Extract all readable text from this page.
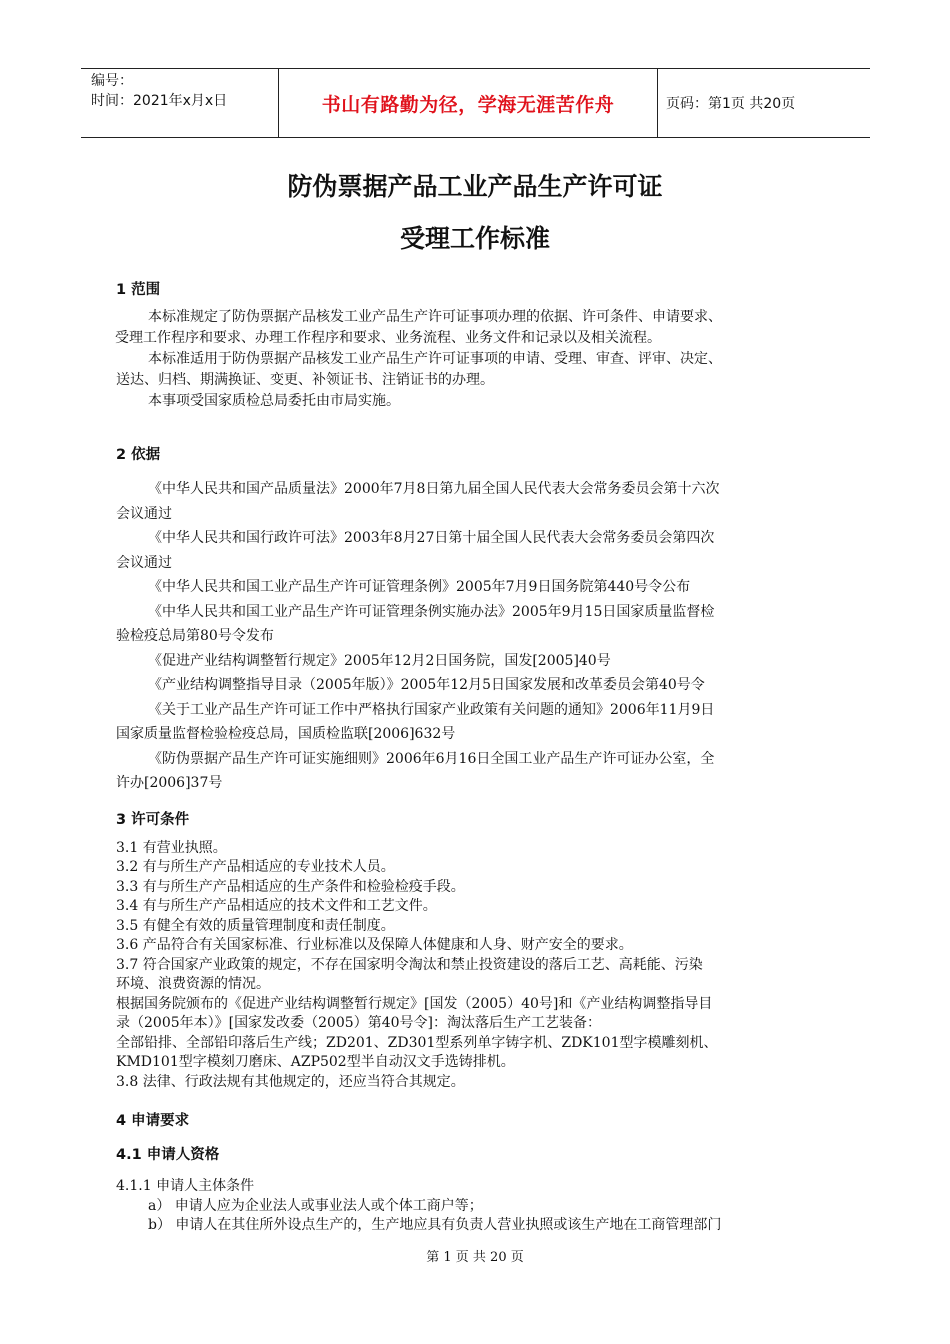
编号：
时间：2021年x月x日	书山有路勤为径，学海无涯苦作舟	页码：第1页 共20页
防伪票据产品工业产品生产许可证
受理工作标准
1 范围
本标准规定了防伪票据产品核发工业产品生产许可证事项办理的依据、许可条件、申请要求、
受理工作程序和要求、办理工作程序和要求、业务流程、业务文件和记录以及相关流程。
本标准适用于防伪票据产品核发工业产品生产许可证事项的申请、受理、审查、评审、决定、
送达、归档、期满换证、变更、补领证书、注销证书的办理。
本事项受国家质检总局委托由市局实施。
2 依据
《中华人民共和国产品质量法》2000年7月8日第九届全国人民代表大会常务委员会第十六次
会议通过
《中华人民共和国行政许可法》2003年8月27日第十届全国人民代表大会常务委员会第四次
会议通过
《中华人民共和国工业产品生产许可证管理条例》2005年7月9日国务院第440号令公布
《中华人民共和国工业产品生产许可证管理条例实施办法》2005年9月15日国家质量监督检
验检疫总局第80号令发布
《促进产业结构调整暂行规定》2005年12月2日国务院，国发[2005]40号
《产业结构调整指导目录（2005年版）》2005年12月5日国家发展和改革委员会第40号令
《关于工业产品生产许可证工作中严格执行国家产业政策有关问题的通知》2006年11月9日
国家质量监督检验检疫总局，国质检监联[2006]632号
《防伪票据产品生产许可证实施细则》2006年6月16日全国工业产品生产许可证办公室，全
许办[2006]37号
3 许可条件
3.1 有营业执照。
3.2 有与所生产产品相适应的专业技术人员。
3.3 有与所生产产品相适应的生产条件和检验检疫手段。
3.4 有与所生产产品相适应的技术文件和工艺文件。
3.5 有健全有效的质量管理制度和责任制度。
3.6 产品符合有关国家标准、行业标准以及保障人体健康和人身、财产安全的要求。
3.7 符合国家产业政策的规定，不存在国家明令淘汰和禁止投资建设的落后工艺、高耗能、污染
环境、浪费资源的情况。
根据国务院颁布的《促进产业结构调整暂行规定》[国发（2005）40号]和《产业结构调整指导目
录（2005年本）》[国家发改委（2005）第40号令]：淘汰落后生产工艺装备：
全部铅排、全部铅印落后生产线；ZD201、ZD301型系列单字铸字机、ZDK101型字模雕刻机、
KMD101型字模刻刀磨床、AZP502型半自动汉文手选铸排机。
3.8 法律、行政法规有其他规定的，还应当符合其规定。
4 申请要求
4.1 申请人资格
4.1.1 申请人主体条件
a） 申请人应为企业法人或事业法人或个体工商户等；
b） 申请人在其住所外设点生产的，生产地应具有负责人营业执照或该生产地在工商管理部门
第 1 页 共 20 页
